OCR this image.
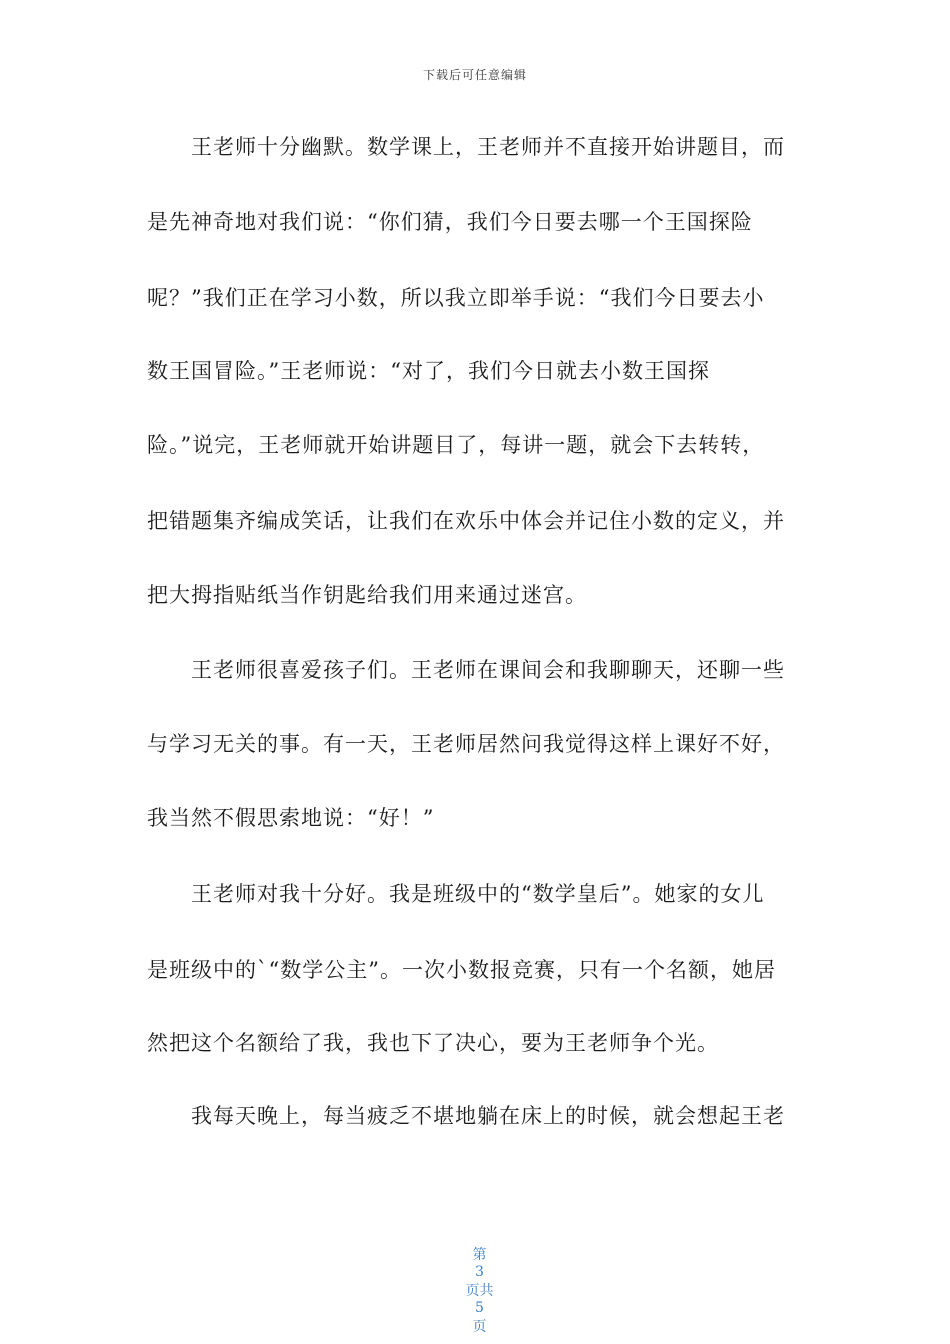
下载后可任意编辑
王老师十分幽默。数学课上，王老师并不直接开始讲题目，而
是先神奇地对我们说：“你们猜，我们今日要去哪一个王国探险
呢？”我们正在学习小数，所以我立即举手说：“我们今日要去小
数王国冒险。”王老师说：“对了，我们今日就去小数王国探
险。”说完，王老师就开始讲题目了，每讲一题，就会下去转转，
把错题集齐编成笑话，让我们在欢乐中体会并记住小数的定义，并
把大拇指贴纸当作钥匙给我们用来通过迷宫。
王老师很喜爱孩子们。王老师在课间会和我聊聊天，还聊一些
与学习无关的事。有一天，王老师居然问我觉得这样上课好不好，
我当然不假思索地说：“好！”
王老师对我十分好。我是班级中的“数学皇后”。她家的女儿
是班级中的`“数学公主”。一次小数报竞赛，只有一个名额，她居
然把这个名额给了我，我也下了决心，要为王老师争个光。
我每天晚上，每当疲乏不堪地躺在床上的时候，就会想起王老

第
3
页共
5
页
